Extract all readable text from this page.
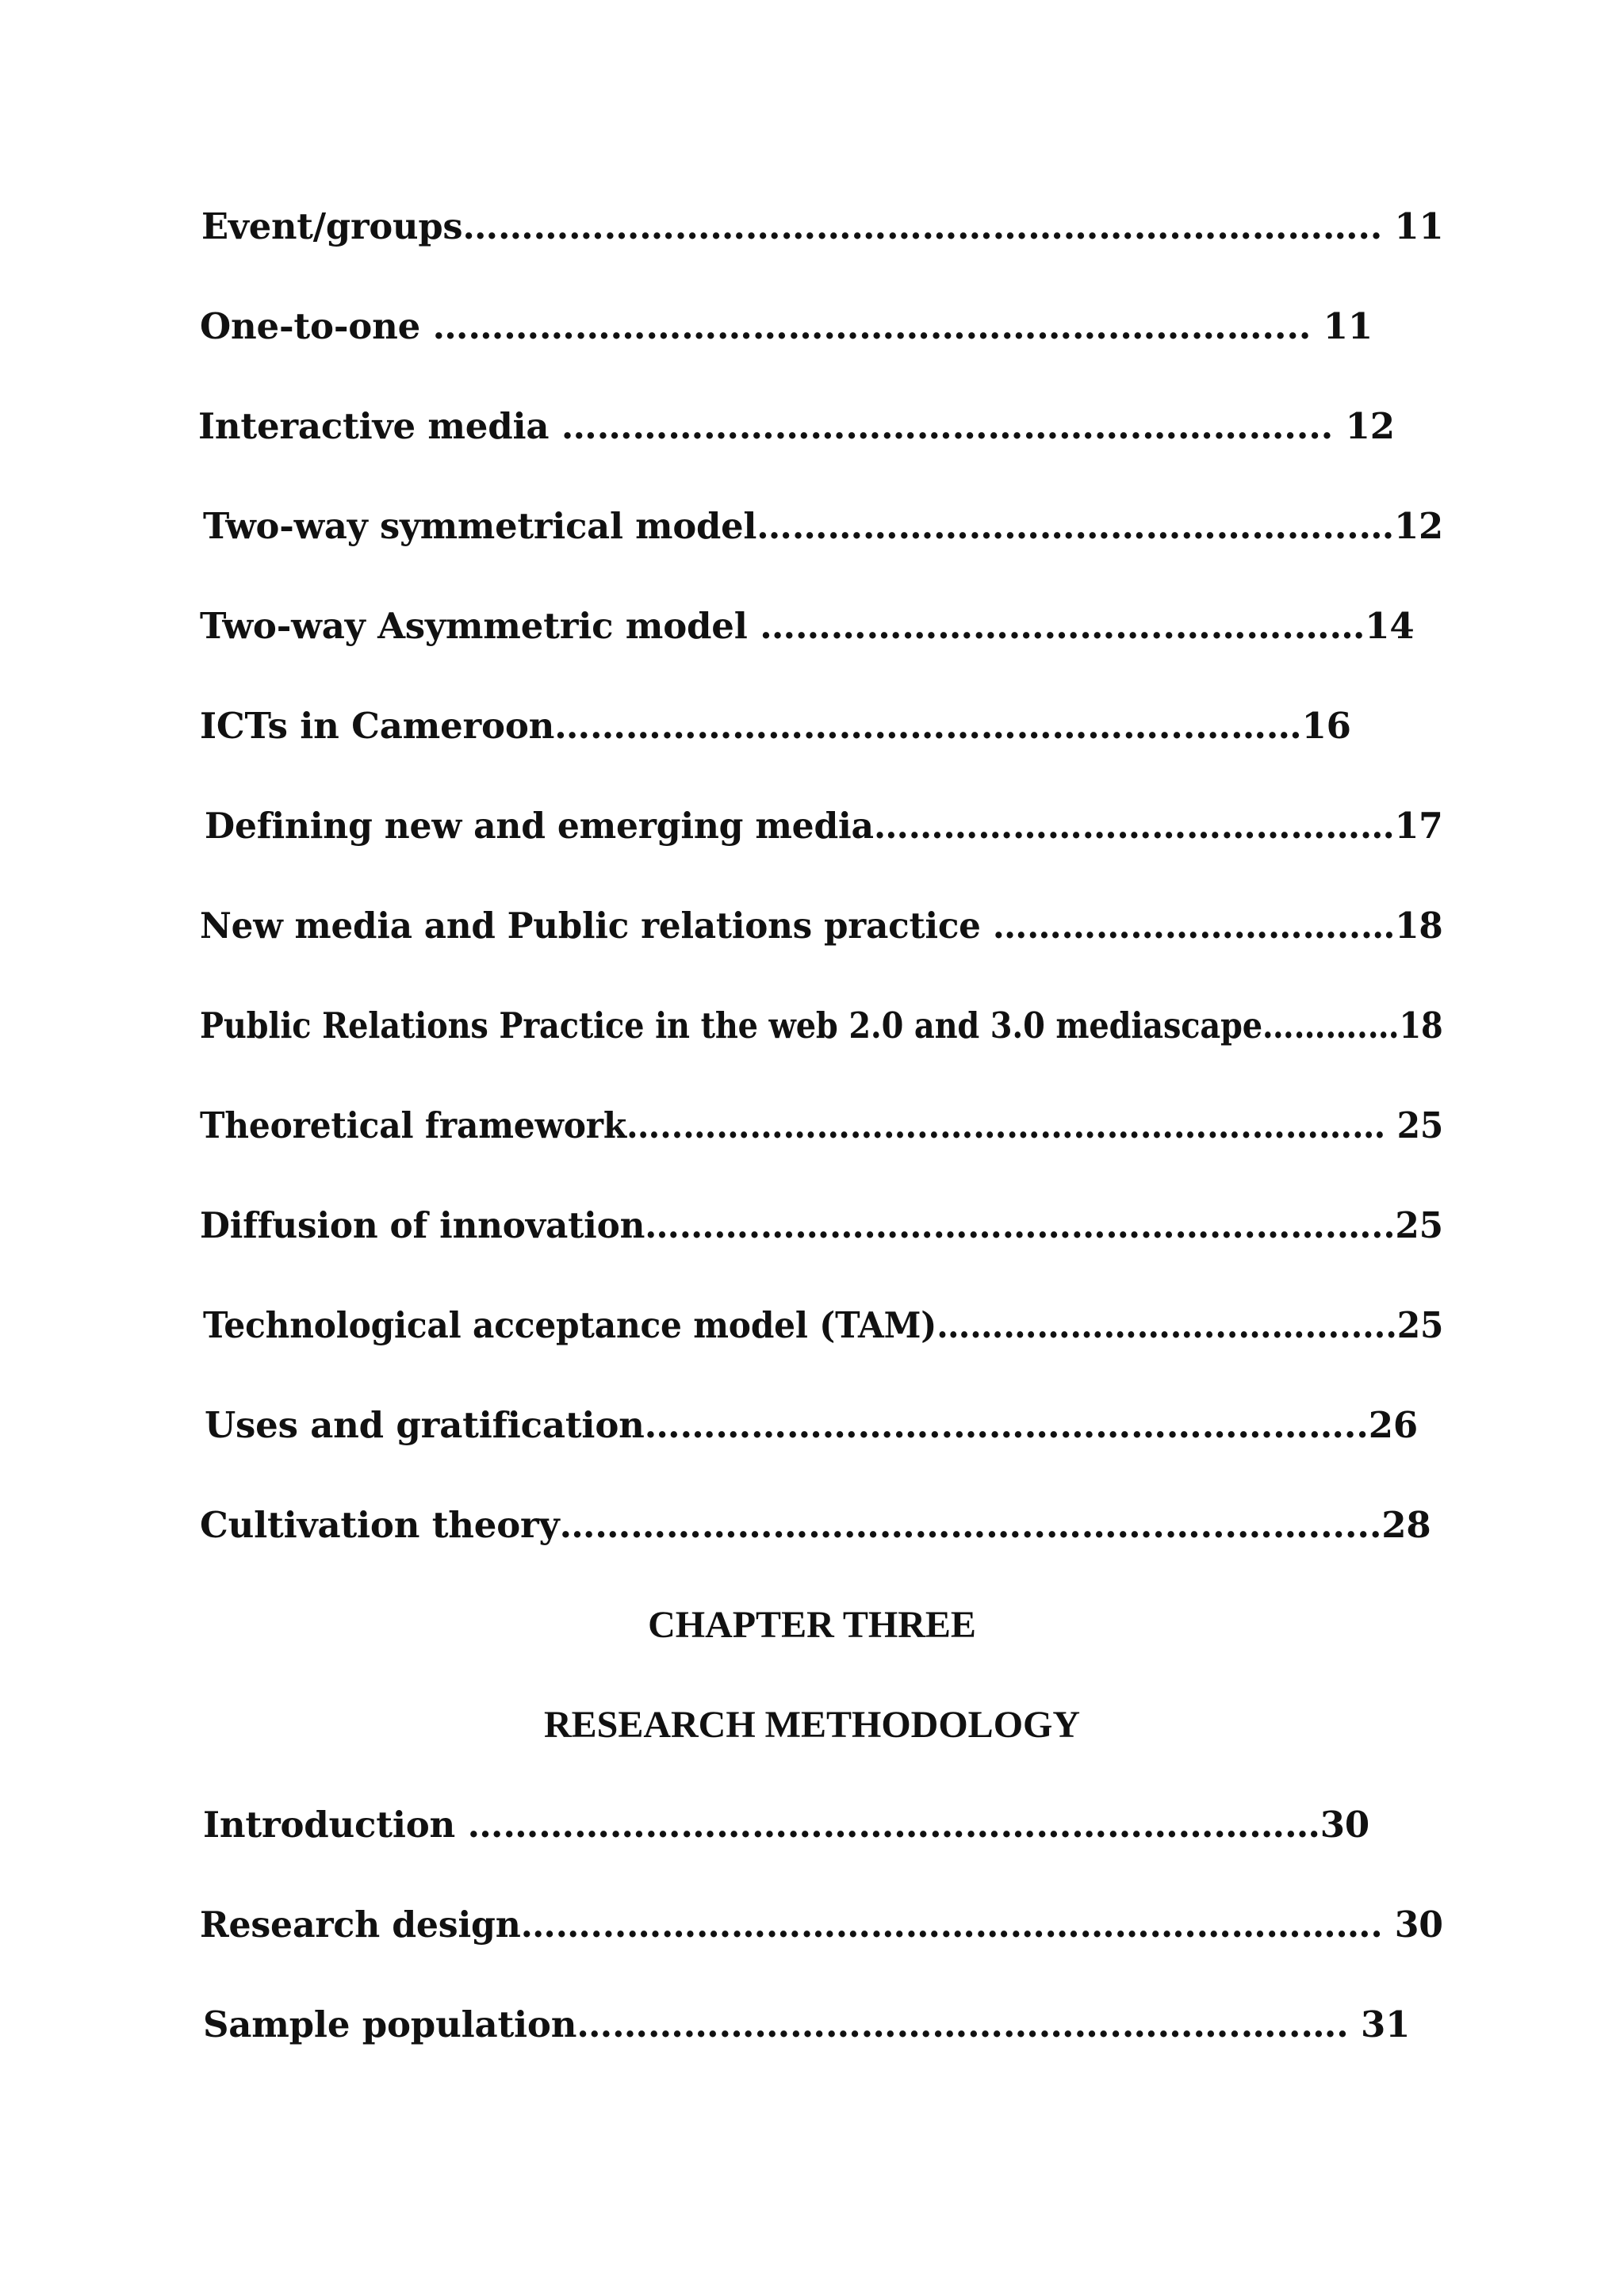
Event/groups…………………………………………………….…………….. 11
One-to-one ………………………………………………….………….... 11
Interactive media ………………………………………….………….... 12
Two-way symmetrical model…………………………………………...…12
Two-way Asymmetric model ……………………………..……….……14
ICTs in Cameroon……………………………………………...………16
Defining new and emerging media………………………………………17
New media and Public relations practice …………………………..…18
Public Relations Practice in the web 2.0 and 3.0 mediascape……….…18
Theoretical framework…..…………………..……………………….………… 25
Diffusion of innovation……….…………………………………….…….…..25
Technological acceptance model (TAM)……………………...……........25
Uses and gratification……………………..……………………………..26
Cultivation theory…………………………………..……….…...……......28
CHAPTER THREE
RESEARCH METHODOLOGY
Introduction ………………………………………………………………30
Research design……...………………………………………….……………. 30
Sample population……………………………………….……….…..…. 31
